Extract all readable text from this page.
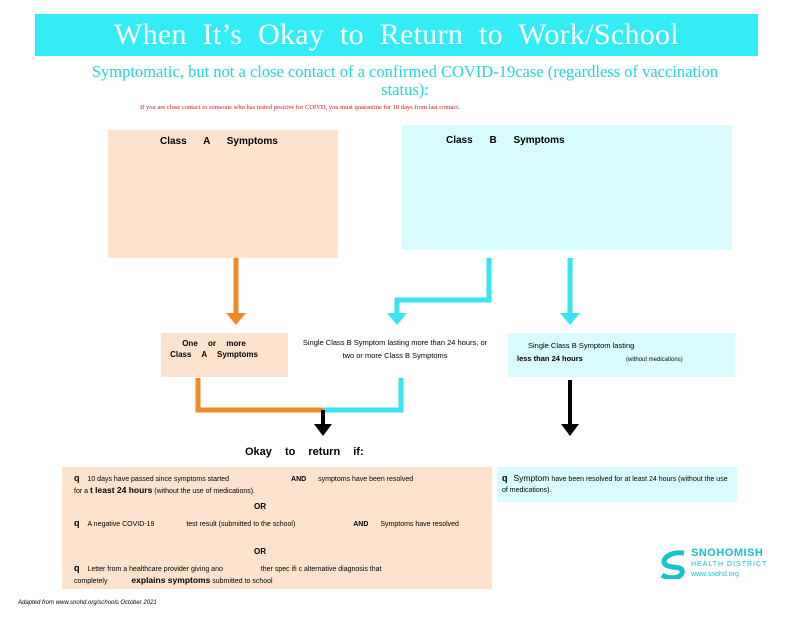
When It’s Okay to Return to Work/School
Symptomatic, but not a close contact of a confirmed COVID-19case (regardless of vaccination status):
If you are close contact to someone who has tested positive for COIVD, you must quarantine for 10 days from last contact.
Class A Symptoms	Class B Symptoms
One or more Class A Symptoms
Single Class B Symptom lasting more than 24 hours, or two or more Class B Symptoms
Single Class B Symptom lasting
less than 24 hours	(without medications)
Okay to return if:
q 10 days have passed since symptoms started	AND symptoms have been resolved
for a t least 24 hours (without the use of medications).
OR
q A negative COVID-19	test result (submitted to the school)	AND Symptoms have resolved
OR
q Letter from a healthcare provider giving ano	ther spec ifi c alternative diagnosis that
completely	explains symptoms submitted to school
q Symptom have been resolved for at least 24 hours (without the use of medications).
SNOHOMISH
HEALTH DISTRICT
www.snohd.org
Adapted from www.snohd.org/schools October 2021
